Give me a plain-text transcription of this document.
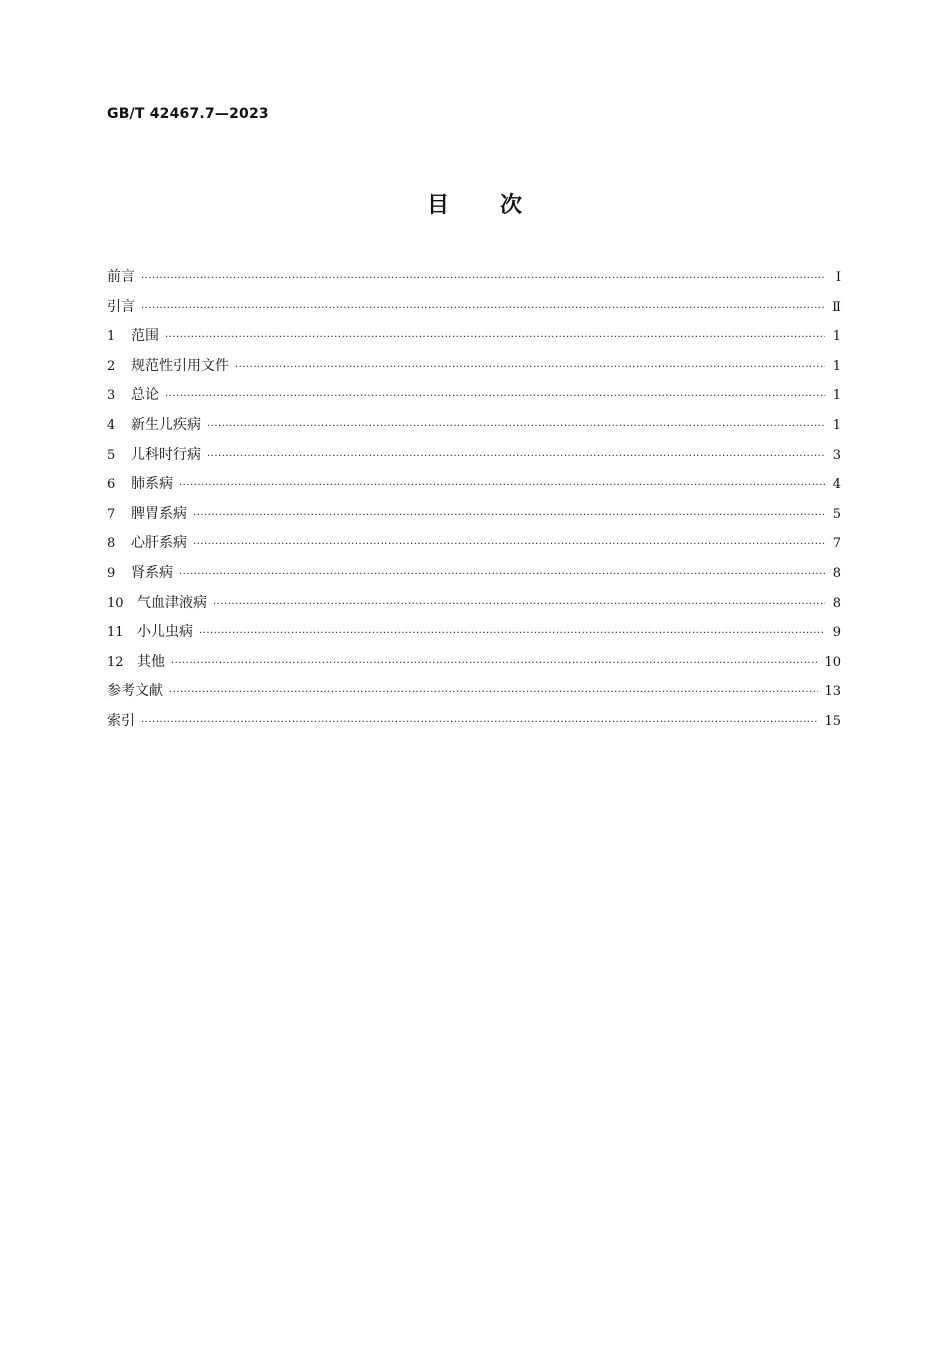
GB/T 42467.7—2023
目 次
前言 ·····	Ⅰ
引言 ·····	Ⅱ
1	范围 ·····	1
2	规范性引用文件 ·····	1
3	总论 ·····	1
4	新生儿疾病 ·····	1
5	儿科时行病 ·····	3
6	肺系病 ·····	4
7	脾胃系病 ·····	5
8	心肝系病 ·····	7
9	肾系病 ·····	8
10 气血津液病 ·····	8
11 小儿虫病 ·····	9
12 其他 ·····	10
参考文献 ·····	13
索引 ·····	15
